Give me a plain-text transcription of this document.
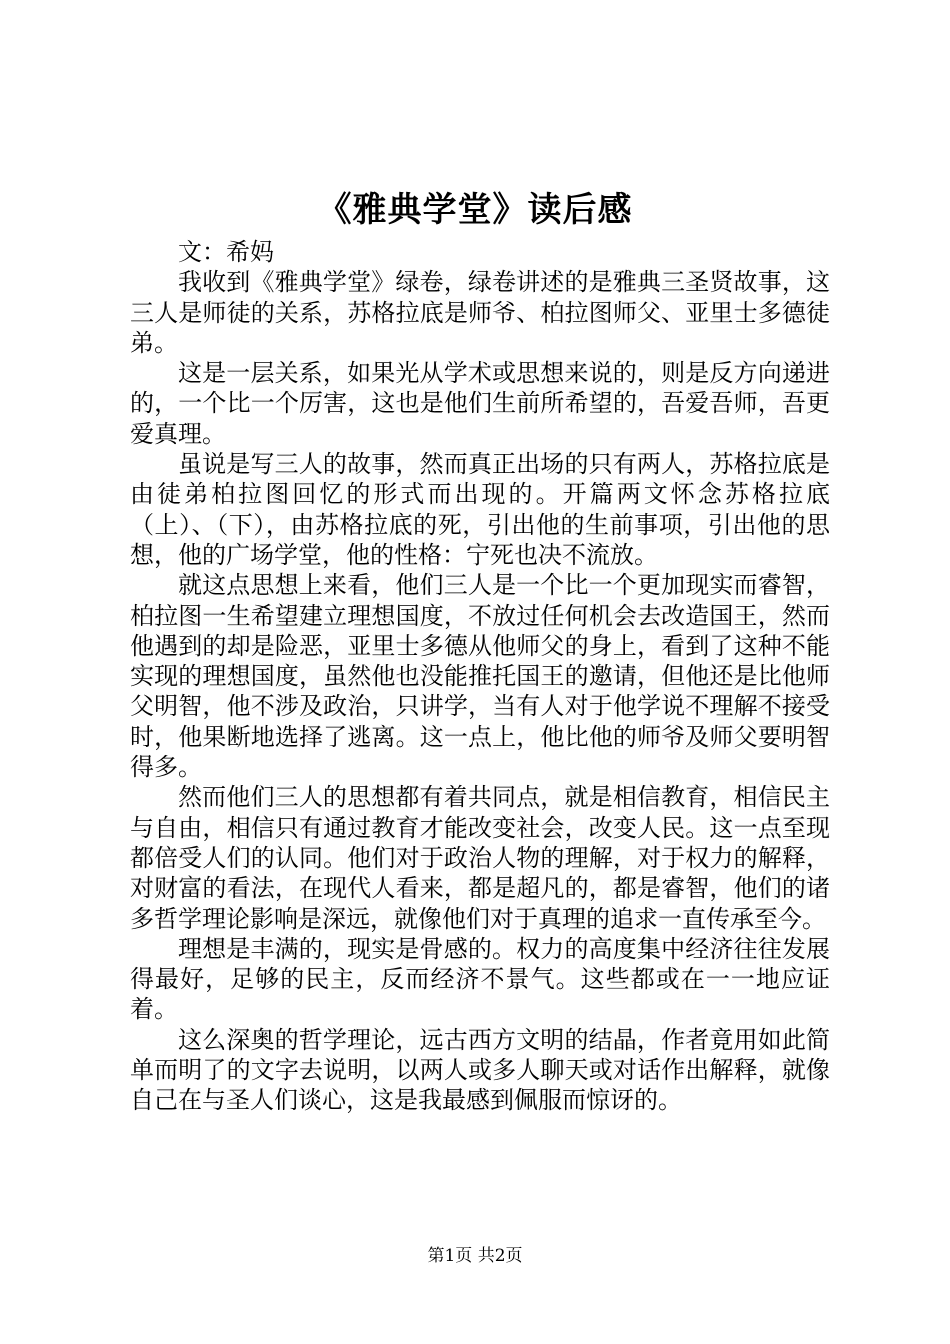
《雅典学堂》读后感

文：希妈

我收到《雅典学堂》绿卷，绿卷讲述的是雅典三圣贤故事，这三人是师徒的关系，苏格拉底是师爷、柏拉图师父、亚里士多德徒弟。

这是一层关系，如果光从学术或思想来说的，则是反方向递进的，一个比一个厉害，这也是他们生前所希望的，吾爱吾师，吾更爱真理。

虽说是写三人的故事，然而真正出场的只有两人，苏格拉底是由徒弟柏拉图回忆的形式而出现的。开篇两文怀念苏格拉底（上）、（下），由苏格拉底的死，引出他的生前事项，引出他的思想，他的广场学堂，他的性格：宁死也决不流放。

就这点思想上来看，他们三人是一个比一个更加现实而睿智，柏拉图一生希望建立理想国度，不放过任何机会去改造国王，然而他遇到的却是险恶，亚里士多德从他师父的身上，看到了这种不能实现的理想国度，虽然他也没能推托国王的邀请，但他还是比他师父明智，他不涉及政治，只讲学，当有人对于他学说不理解不接受时，他果断地选择了逃离。这一点上，他比他的师爷及师父要明智得多。

然而他们三人的思想都有着共同点，就是相信教育，相信民主与自由，相信只有通过教育才能改变社会，改变人民。这一点至现都倍受人们的认同。他们对于政治人物的理解，对于权力的解释，对财富的看法，在现代人看来，都是超凡的，都是睿智，他们的诸多哲学理论影响是深远，就像他们对于真理的追求一直传承至今。

理想是丰满的，现实是骨感的。权力的高度集中经济往往发展得最好，足够的民主，反而经济不景气。这些都或在一一地应证着。

这么深奥的哲学理论，远古西方文明的结晶，作者竟用如此简单而明了的文字去说明，以两人或多人聊天或对话作出解释，就像自己在与圣人们谈心，这是我最感到佩服而惊讶的。

第1页 共2页
